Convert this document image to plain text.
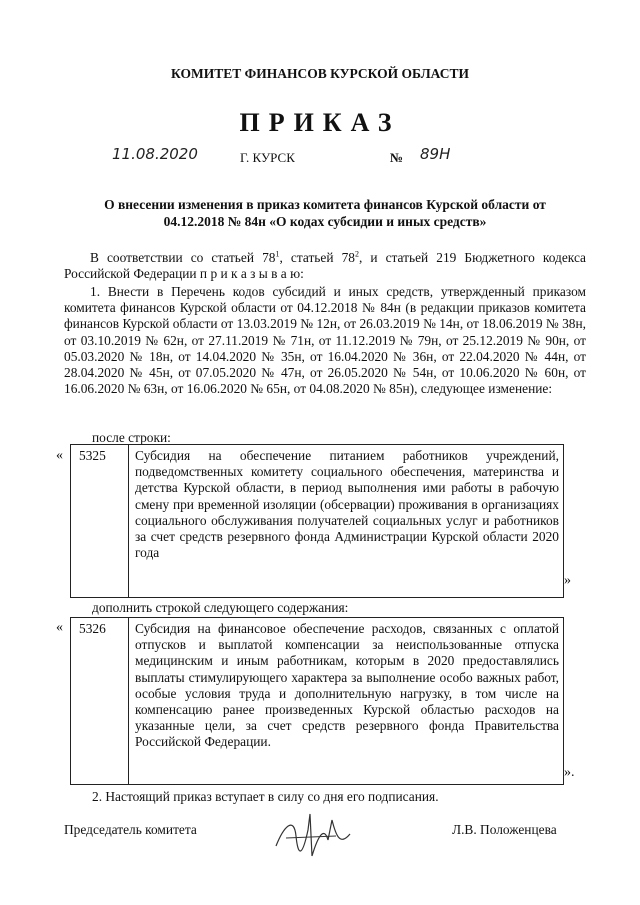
КОМИТЕТ ФИНАНСОВ КУРСКОЙ ОБЛАСТИ
ПРИКАЗ
11.08.2020	Г. КУРСК	№ 89Н
О внесении изменения в приказ комитета финансов Курской области от
04.12.2018 № 84н «О кодах субсидии и иных средств»
В соответствии со статьей $78^1$, статьей $78^2$, и статьей 219 Бюджетного кодекса Российской Федерации п р и к а з ы в а ю:
1. Внести в Перечень кодов субсидий и иных средств, утвержденный приказом комитета финансов Курской области от 04.12.2018 № 84н (в редакции приказов комитета финансов Курской области от 13.03.2019 № 12н, от 26.03.2019 № 14н, от 18.06.2019 № 38н, от 03.10.2019 № 62н, от 27.11.2019 № 71н, от 11.12.2019 № 79н, от 25.12.2019 № 90н, от 05.03.2020 № 18н, от 14.04.2020 № 35н, от 16.04.2020 № 36н, от 22.04.2020 № 44н, от 28.04.2020 № 45н, от 07.05.2020 № 47н, от 26.05.2020 № 54н, от 10.06.2020 № 60н, от 16.06.2020 № 63н, от 16.06.2020 № 65н, от 04.08.2020 № 85н), следующее изменение:
после строки:
«	5325	Субсидия на обеспечение питанием работников учреждений, подведомственных комитету социального обеспечения, материнства и детства Курской области, в период выполнения ими работы в рабочую смену при временной изоляции (обсервации) проживания в организациях социального обслуживания получателей социальных услуг и работников за счет средств резервного фонда Администрации Курской области 2020 года
»
дополнить строкой следующего содержания:
«	5326	Субсидия на финансовое обеспечение расходов, связанных с оплатой отпусков и выплатой компенсации за неиспользованные отпуска медицинским и иным работникам, которым в 2020 предоставлялись выплаты стимулирующего характера за выполнение особо важных работ, особые условия труда и дополнительную нагрузку, в том числе на компенсацию ранее произведенных Курской областью расходов на указанные цели, за счет средств резервного фонда Правительства Российской Федерации.
».
2. Настоящий приказ вступает в силу со дня его подписания.
Председатель комитета	Л.В. Положенцева
